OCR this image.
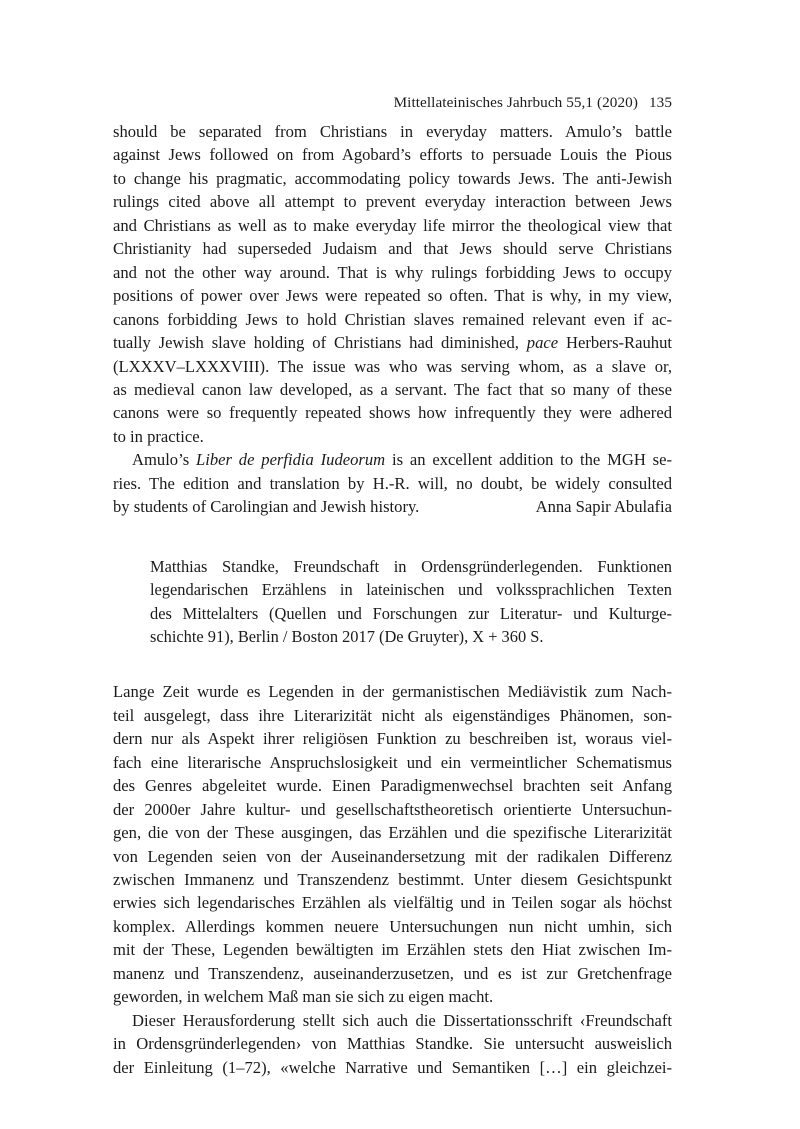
Mittellateinisches Jahrbuch 55,1 (2020) 135

should  be  separated  from  Christians  in  everyday  matters.  Amulo’s  battle
against Jews followed on from Agobard’s efforts to persuade Louis the Pious
to change his pragmatic, accommodating policy towards Jews. The anti-Jewish
rulings cited above all attempt to prevent everyday interaction between Jews
and Christians as well as to make everyday life mirror the theological view that
Christianity  had  superseded  Judaism  and  that  Jews  should  serve  Christians
and not the other way around. That is why rulings forbidding Jews to occupy
positions of power over Jews were repeated so often. That is why, in my view,
canons forbidding Jews to hold Christian slaves remained relevant even if ac-
tually Jewish slave holding of Christians had diminished, pace Herbers-Rauhut
(LXXXV–LXXXVIII). The issue was who was serving whom, as a slave or,
as medieval canon law developed, as a servant. The fact that so many of these
canons were so frequently repeated shows how infrequently they were adhered
to in practice.
Amulo’s Liber de perfidia Iudeorum is an excellent addition to the MGH se-
ries. The edition and translation by H.-R. will, no doubt, be widely consulted
by students of Carolingian and Jewish history.	Anna Sapir Abulafia
Matthias Standke, Freundschaft in Ordensgründerlegenden. Funktionen
legendarischen Erzählens in lateinischen und volkssprachlichen Texten
des Mittelalters (Quellen und Forschungen zur Literatur- und Kulturge-
schichte 91), Berlin / Boston 2017 (De Gruyter), X + 360 S.
Lange Zeit wurde es Legenden in der germanistischen Mediävistik zum Nach-
teil ausgelegt, dass ihre Literarizität nicht als eigenständiges Phänomen, son-
dern nur als Aspekt ihrer religiösen Funktion zu beschreiben ist, woraus viel-
fach eine literarische Anspruchslosigkeit und ein vermeintlicher Schematismus
des Genres abgeleitet wurde. Einen Paradigmenwechsel brachten seit Anfang
der 2000er Jahre kultur- und gesellschaftstheoretisch orientierte Untersuchun-
gen, die von der These ausgingen, das Erzählen und die spezifische Literarizität
von Legenden seien von der Auseinandersetzung mit der radikalen Differenz
zwischen Immanenz und Transzendenz bestimmt. Unter diesem Gesichtspunkt
erwies sich legendarisches Erzählen als vielfältig und in Teilen sogar als höchst
komplex. Allerdings kommen neuere Untersuchungen nun nicht umhin, sich
mit der These, Legenden bewältigten im Erzählen stets den Hiat zwischen Im-
manenz und Transzendenz, auseinanderzusetzen, und es ist zur Gretchenfrage
geworden, in welchem Maß man sie sich zu eigen macht.
Dieser Herausforderung stellt sich auch die Dissertationsschrift ‹Freundschaft
in Ordensgründerlegenden› von Matthias Standke. Sie untersucht ausweislich
der Einleitung (1–72), «welche Narrative und Semantiken […] ein gleichzei-
